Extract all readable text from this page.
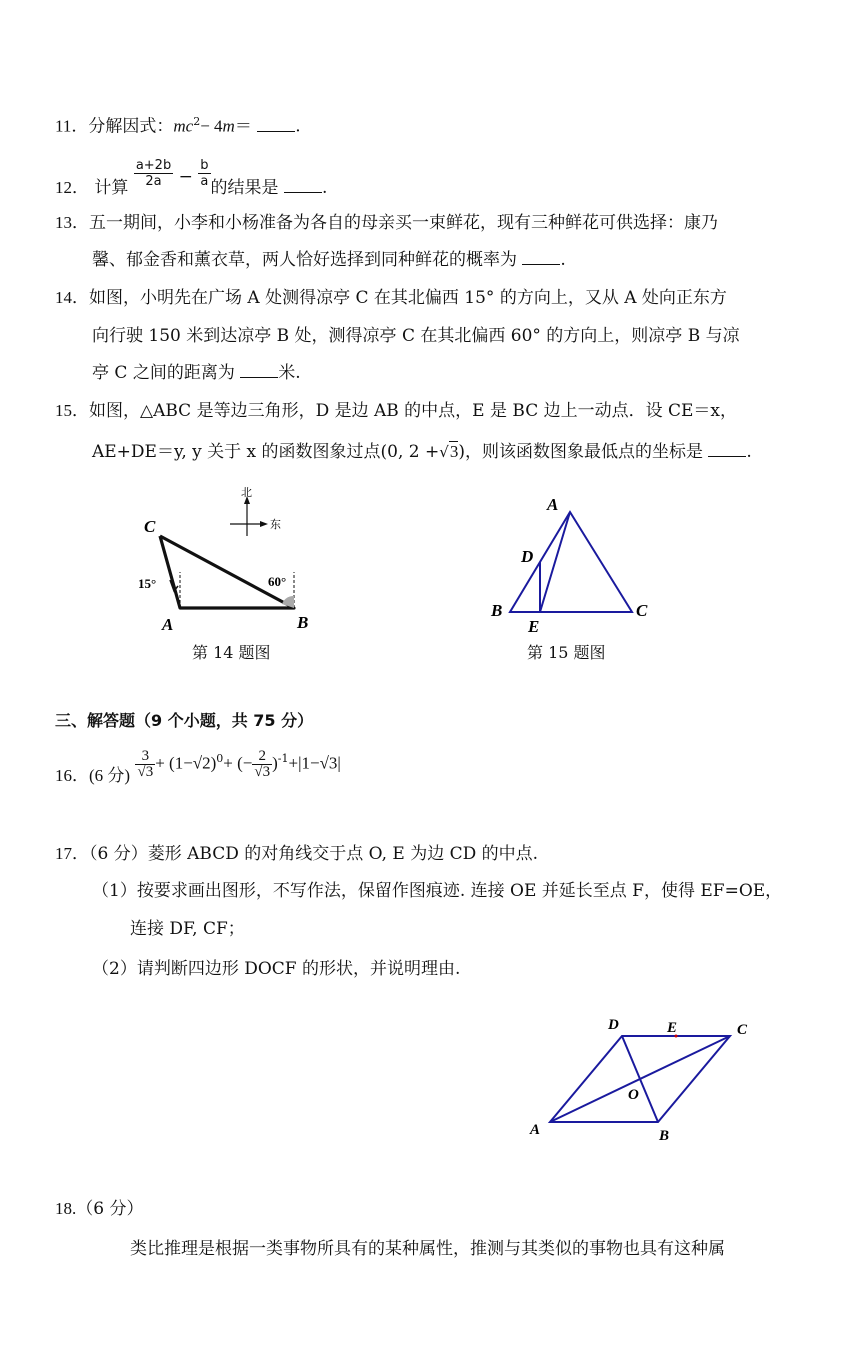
11．分解因式：$mc^2- 4m=$	.
12． 计算 $\frac{a+2b}{2a} - \frac{b}{a}$ 的结果是	.
13．五一期间，小李和小杨准备为各自的母亲买一束鲜花，现有三种鲜花可供选择：康乃
馨、郁金香和薰衣草，两人恰好选择到同种鲜花的概率为	.
14．如图，小明先在广场 A 处测得凉亭 C 在其北偏西 15° 的方向上，又从 A 处向正东方
向行驶 150 米到达凉亭 B 处，测得凉亭 C 在其北偏西 60° 的方向上，则凉亭 B 与凉
亭 C 之间的距离为	米.
15．如图，△ABC 是等边三角形，D 是边 AB 的中点，E 是 BC 边上一动点．设 CE＝x，
AE+DE＝y, y 关于 x 的函数图象过点(0, 2 +√3)，则该函数图象最低点的坐标是	.
北
东
15°	60°
C
A	B
第 14 题图
A
D
B	C
E
第 15 题图
三、解答题（9 个小题，共 75 分）
16．(6 分) $\frac{3}{√3} + (1-√2)^0+$ (− $\frac{2}{√3} )^{-1}+|1-√3|$
17．（6 分）菱形 ABCD 的对角线交于点 O, E 为边 CD 的中点.
（1）按要求画出图形，不写作法，保留作图痕迹. 连接 OE 并延长至点 F，使得 EF=OE，
连接 DF, CF；
（2）请判断四边形 DOCF 的形状，并说明理由.
D	E	C
O
A	B
18.（6 分）
类比推理是根据一类事物所具有的某种属性，推测与其类似的事物也具有这种属
